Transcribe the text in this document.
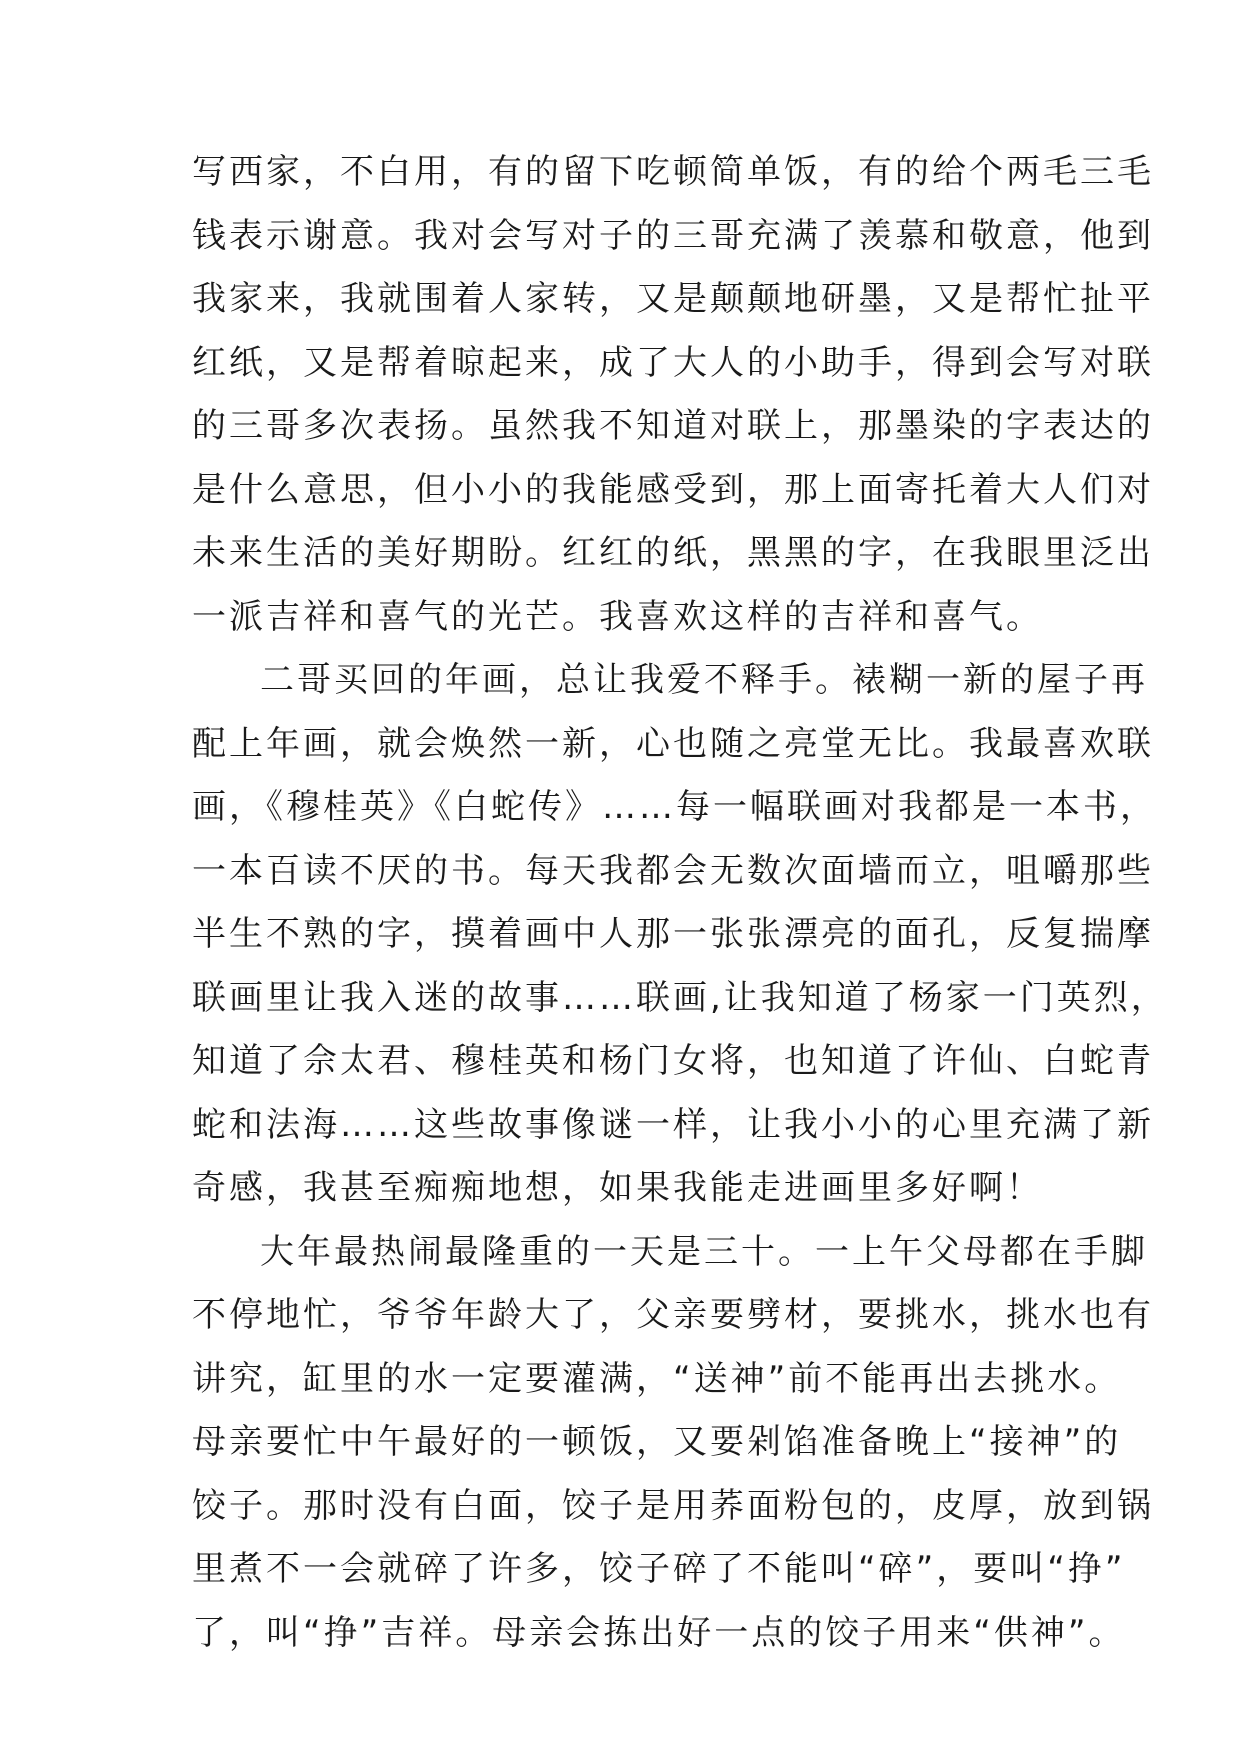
写西家，不白用，有的留下吃顿简单饭，有的给个两毛三毛
钱表示谢意。我对会写对子的三哥充满了羡慕和敬意，他到
我家来，我就围着人家转，又是颠颠地研墨，又是帮忙扯平
红纸，又是帮着晾起来，成了大人的小助手，得到会写对联
的三哥多次表扬。虽然我不知道对联上，那墨染的字表达的
是什么意思，但小小的我能感受到，那上面寄托着大人们对
未来生活的美好期盼。红红的纸，黑黑的字，在我眼里泛出
一派吉祥和喜气的光芒。我喜欢这样的吉祥和喜气。
二哥买回的年画，总让我爱不释手。裱糊一新的屋子再
配上年画，就会焕然一新，心也随之亮堂无比。我最喜欢联
画，《穆桂英》《白蛇传》……每一幅联画对我都是一本书，
一本百读不厌的书。每天我都会无数次面墙而立，咀嚼那些
半生不熟的字，摸着画中人那一张张漂亮的面孔，反复揣摩
联画里让我入迷的故事……联画,让我知道了杨家一门英烈，
知道了佘太君、穆桂英和杨门女将，也知道了许仙、白蛇青
蛇和法海……这些故事像谜一样，让我小小的心里充满了新
奇感，我甚至痴痴地想，如果我能走进画里多好啊！
大年最热闹最隆重的一天是三十。一上午父母都在手脚
不停地忙，爷爷年龄大了，父亲要劈材，要挑水，挑水也有
讲究，缸里的水一定要灌满，“送神”前不能再出去挑水。
母亲要忙中午最好的一顿饭，又要剁馅准备晚上“接神”的
饺子。那时没有白面，饺子是用荞面粉包的，皮厚，放到锅
里煮不一会就碎了许多，饺子碎了不能叫“碎”，要叫“挣”
了，叫“挣”吉祥。母亲会拣出好一点的饺子用来“供神”。
